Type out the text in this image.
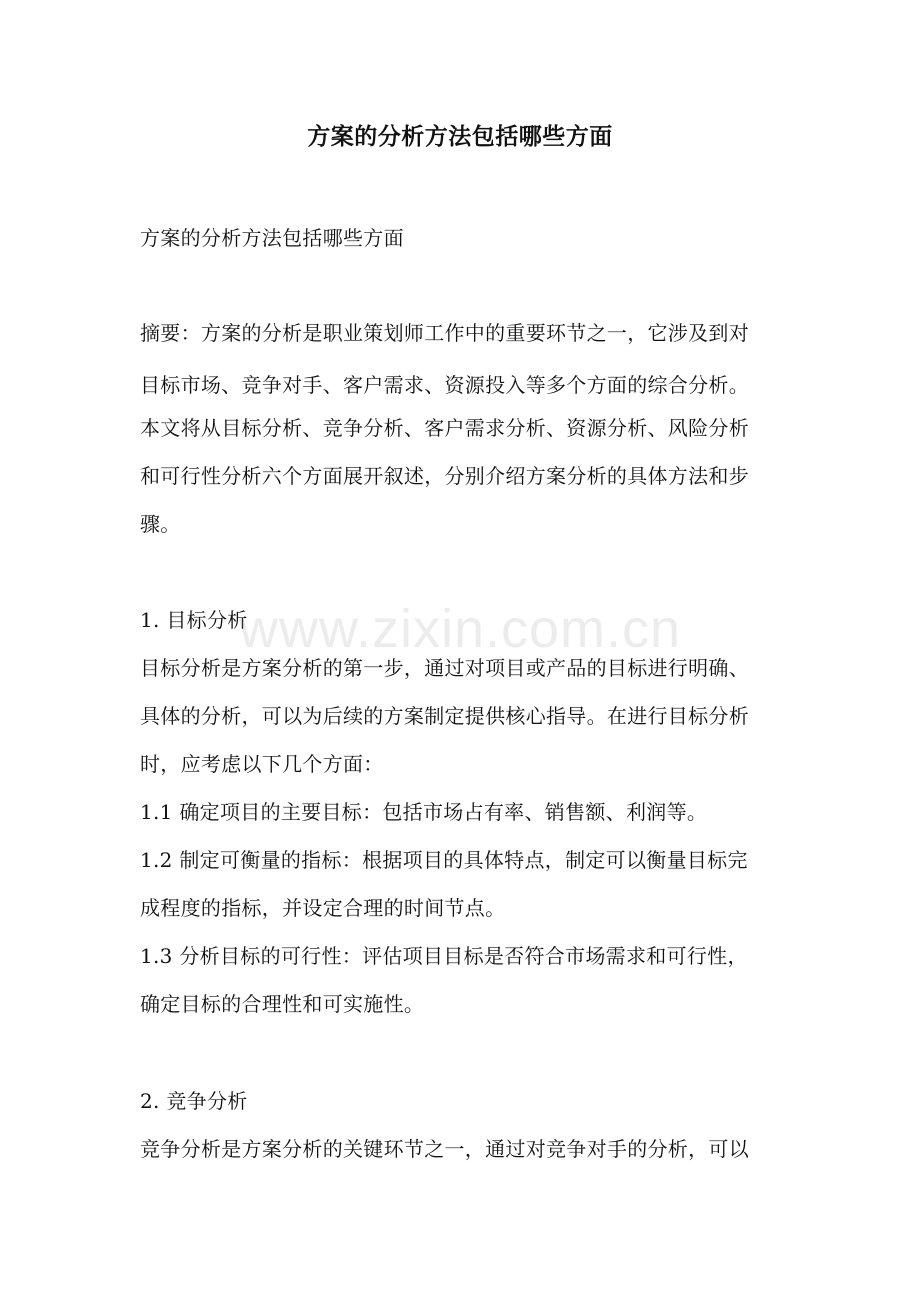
方案的分析方法包括哪些方面
方案的分析方法包括哪些方面
摘要：方案的分析是职业策划师工作中的重要环节之一，它涉及到对
目标市场、竞争对手、客户需求、资源投入等多个方面的综合分析。
本文将从目标分析、竞争分析、客户需求分析、资源分析、风险分析
和可行性分析六个方面展开叙述，分别介绍方案分析的具体方法和步
骤。
1. 目标分析
目标分析是方案分析的第一步，通过对项目或产品的目标进行明确、
具体的分析，可以为后续的方案制定提供核心指导。在进行目标分析
时，应考虑以下几个方面：
1.1 确定项目的主要目标：包括市场占有率、销售额、利润等。
1.2 制定可衡量的指标：根据项目的具体特点，制定可以衡量目标完
成程度的指标，并设定合理的时间节点。
1.3 分析目标的可行性：评估项目目标是否符合市场需求和可行性，
确定目标的合理性和可实施性。
2. 竞争分析
竞争分析是方案分析的关键环节之一，通过对竞争对手的分析，可以
www.zixin.com.cn
